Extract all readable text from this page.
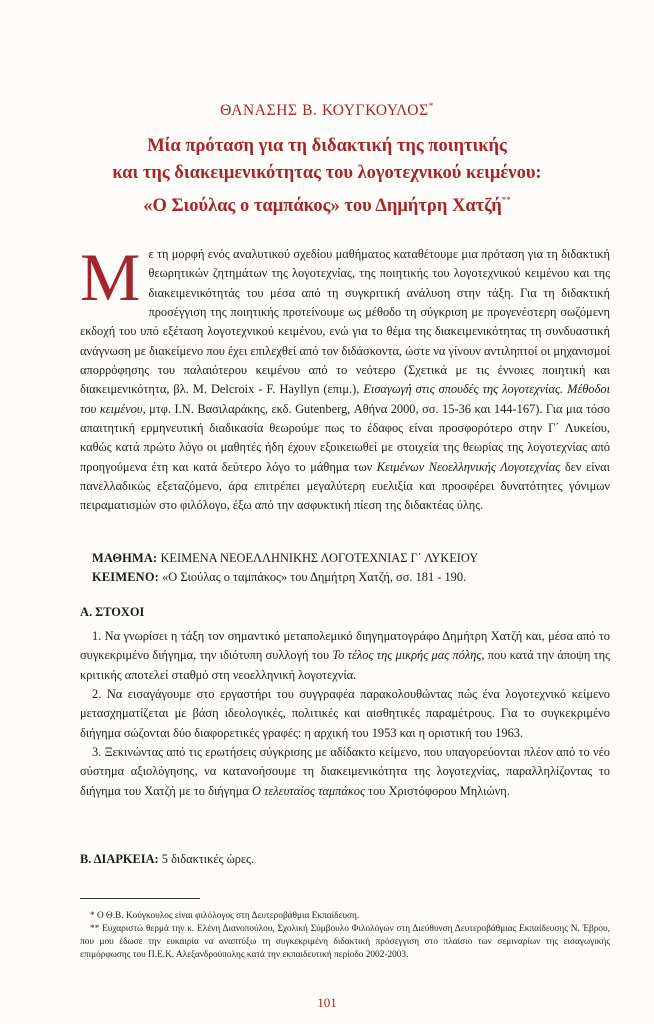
ΘΑΝΑΣΗΣ Β. ΚΟΥΓΚΟΥΛΟΣ*
Μία πρόταση για τη διδακτική της ποιητικής
και της διακειμενικότητας του λογοτεχνικού κειμένου:
«Ο Σιούλας ο ταμπάκος» του Δημήτρη Χατζή**
Με τη μορφή ενός αναλυτικού σχεδίου μαθήματος καταθέτουμε μια πρόταση για τη διδακτική θεωρητικών ζητημάτων της λογοτεχνίας, της ποιητικής του λογοτεχνικού κειμένου και της διακειμενικότητάς του μέσα από τη συγκριτική ανάλυση στην τάξη. Για τη διδακτική προσέγγιση της ποιητικής προτείνουμε ως μέθοδο τη σύγκριση με προγενέστερη σωζόμενη εκδοχή του υπό εξέταση λογοτεχνικού κειμένου, ενώ για το θέμα της διακειμενικότητας τη συνδυαστική ανάγνωση με διακείμενο που έχει επιλεχθεί από τον διδάσκοντα, ώστε να γίνουν αντιληπτοί οι μηχανισμοί απορρόφησης του παλαιότερου κειμένου από το νεότερο (Σχετικά με τις έννοιες ποιητική και διακειμενικότητα, βλ. M. Delcroix - F. Hayllyn (επιμ.), Εισαγωγή στις σπουδές της λογοτεχνίας. Μέθοδοι του κειμένου, μτφ. Ι.Ν. Βασιλαράκης, εκδ. Gutenberg, Αθήνα 2000, σσ. 15-36 και 144-167). Για μια τόσο απαιτητική ερμηνευτική διαδικασία θεωρούμε πως το έδαφος είναι προσφορότερο στην Γ΄ Λυκείου, καθώς κατά πρώτο λόγο οι μαθητές ήδη έχουν εξοικειωθεί με στοιχεία της θεωρίας της λογοτεχνίας από προηγούμενα έτη και κατά δεύτερο λόγο το μάθημα των Κειμένων Νεοελληνικής Λογοτεχνίας δεν είναι πανελλαδικώς εξεταζόμενο, άρα επιτρέπει μεγαλύτερη ευελιξία και προσφέρει δυνατότητες γόνιμων πειραματισμών στο φιλόλογο, έξω από την ασφυκτική πίεση της διδακτέας ύλης.
ΜΑΘΗΜΑ: ΚΕΙΜΕΝΑ ΝΕΟΕΛΛΗΝΙΚΗΣ ΛΟΓΟΤΕΧΝΙΑΣ Γ΄ ΛΥΚΕΙΟΥ
ΚΕΙΜΕΝΟ: «Ο Σιούλας ο ταμπάκος» του Δημήτρη Χατζή, σσ. 181 - 190.
Α. ΣΤΟΧΟΙ

1. Να γνωρίσει η τάξη τον σημαντικό μεταπολεμικό διηγηματογράφο Δημήτρη Χατζή και, μέσα από το συγκεκριμένο διήγημα, την ιδιότυπη συλλογή του Το τέλος της μικρής μας πόλης, που κατά την άποψη της κριτικής αποτελεί σταθμό στη νεοελληνική λογοτεχνία.

2. Να εισαγάγουμε στο εργαστήρι του συγγραφέα παρακολουθώντας πώς ένα λογοτεχνικό κείμενο μετασχηματίζεται με βάση ιδεολογικές, πολιτικές και αισθητικές παραμέτρους. Για το συγκεκριμένο διήγημα σώζονται δύο διαφορετικές γραφές: η αρχική του 1953 και η οριστική του 1963.

3. Ξεκινώντας από τις ερωτήσεις σύγκρισης με αδίδακτο κείμενο, που υπαγορεύονται πλέον από το νέο σύστημα αξιολόγησης, να κατανοήσουμε τη διακειμενικότητα της λογοτεχνίας, παραλληλίζοντας το διήγημα του Χατζή με το διήγημα Ο τελευταίος ταμπάκος του Χριστόφορου Μηλιώνη.

Β. ΔΙΑΡΚΕΙΑ: 5 διδακτικές ώρες.

* Ο Θ.Β. Κούγκουλος είναι φιλόλογος στη Δευτεροβάθμια Εκπαίδευση.

** Ευχαριστώ θερμά την κ. Ελένη Διανοπούλου, Σχολική Σύμβουλο Φιλολόγων στη Διεύθυνση Δευτεροβάθμιας Εκπαίδευσης Ν. Έβρου, που μου έδωσε την ευκαιρία να αναπτύξω τη συγκεκριμένη διδακτική πρόσεγγιση στο πλαίσιο των σεμιναρίων της εισαγωγικής επιμόρφωσης του Π.Ε.Κ. Αλεξανδρούπολης κατά την εκπαιδευτική περίοδο 2002-2003.

101
